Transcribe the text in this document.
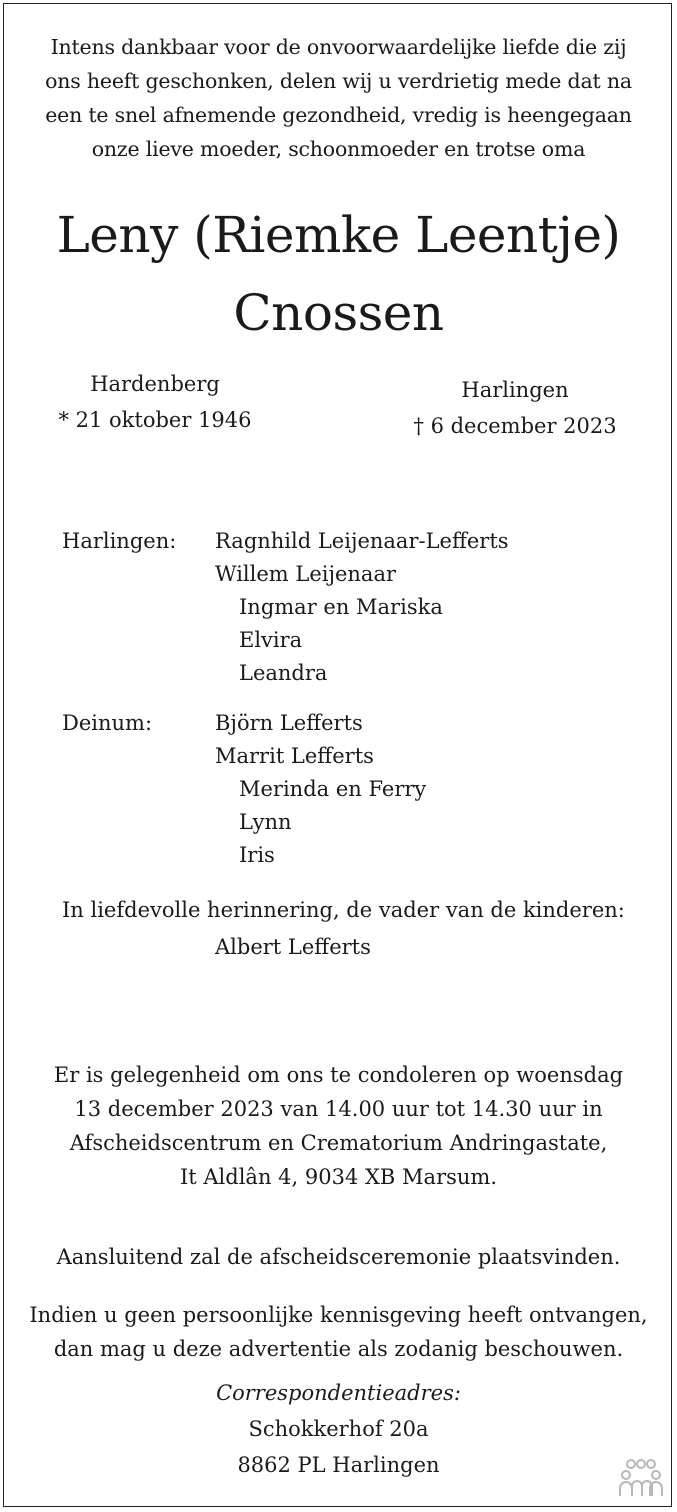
Intens dankbaar voor de onvoorwaardelijke liefde die zij
ons heeft geschonken, delen wij u verdrietig mede dat na
een te snel afnemende gezondheid, vredig is heengegaan
onze lieve moeder, schoonmoeder en trotse oma
Leny (Riemke Leentje)
Cnossen
Hardenberg
* 21 oktober 1946
Harlingen
† 6 december 2023
Harlingen: Ragnhild Leijenaar-Lefferts
Willem Leijenaar
Ingmar en Mariska
Elvira
Leandra
Deinum:	Björn Lefferts
Marrit Lefferts
Merinda en Ferry
Lynn
Iris
In liefdevolle herinnering, de vader van de kinderen:
Albert Lefferts
Er is gelegenheid om ons te condoleren op woensdag
13 december 2023 van 14.00 uur tot 14.30 uur in
Afscheidscentrum en Crematorium Andringastate,
It Aldlân 4, 9034 XB Marsum.
Aansluitend zal de afscheidsceremonie plaatsvinden.
Indien u geen persoonlijke kennisgeving heeft ontvangen,
dan mag u deze advertentie als zodanig beschouwen.
Correspondentieadres:
Schokkerhof 20a
8862 PL Harlingen
